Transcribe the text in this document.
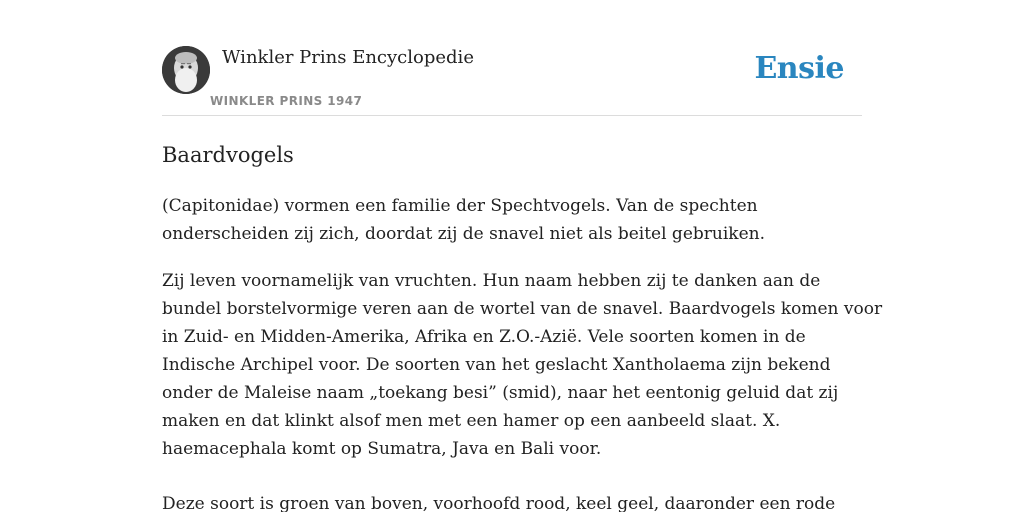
Winkler Prins Encyclopedie
WINKLER PRINS 1947
Ensie
Baardvogels

(Capitonidae) vormen een familie der Spechtvogels. Van de spechten
onderscheiden zij zich, doordat zij de snavel niet als beitel gebruiken.

Zij leven voornamelijk van vruchten. Hun naam hebben zij te danken aan de
bundel borstelvormige veren aan de wortel van de snavel. Baardvogels komen voor
in Zuid- en Midden-Amerika, Afrika en Z.O.-Azië. Vele soorten komen in de
Indische Archipel voor. De soorten van het geslacht Xantholaema zijn bekend
onder de Maleise naam „toekang besi” (smid), naar het eentonig geluid dat zij
maken en dat klinkt alsof men met een hamer op een aanbeeld slaat. X.
haemacephala komt op Sumatra, Java en Bali voor.

Deze soort is groen van boven, voorhoofd rood, keel geel, daaronder een rode
